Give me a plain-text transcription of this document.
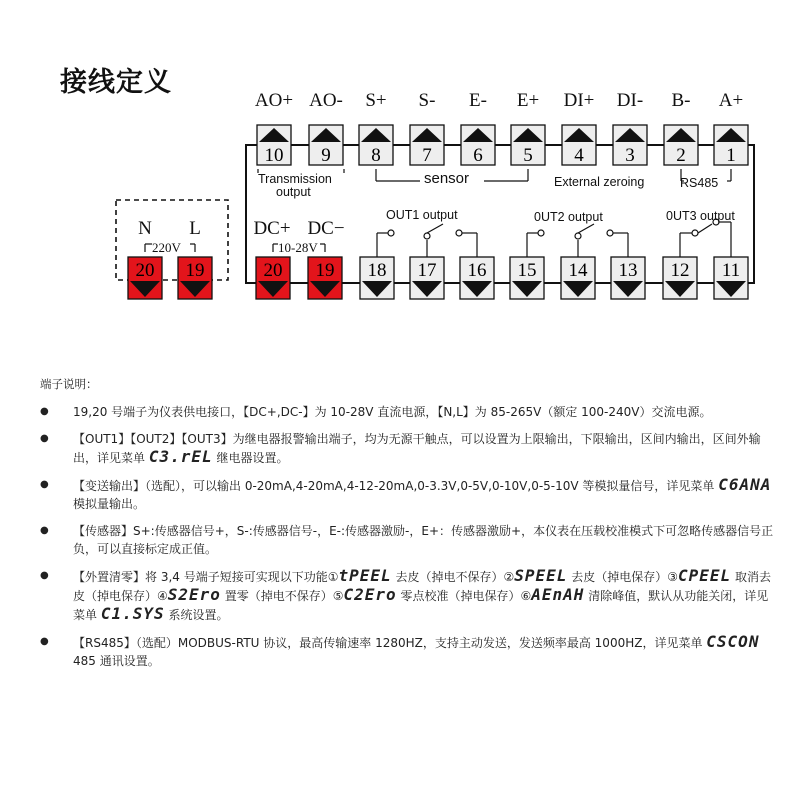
接线定义
10 9 8 7 6 5 4 3 2 1
20 19	20 19 18 17 16 15 14 13 12 11
AO+ AO- S+ S- E- E+ DI+ DI- B- A+
Transmission
output
sensor	External zeroing	RS485
N L
220V
DC+ DC−
10-28V
OUT1 output	0UT2 output	0UT3 output
端子说明：
● 19,20 号端子为仪表供电接口，【DC+,DC-】为 10-28V 直流电源，【N,L】为 85-265V（额定 100-240V）交流电源。
● 【OUT1】【OUT2】【OUT3】为继电器报警输出端子，均为无源干触点，可以设置为上限输出，下限输出，区间内输出，区间外输出，详见菜单 C3.rEL 继电器设置。
● 【变送输出】（选配），可以输出 0-20mA,4-20mA,4-12-20mA,0-3.3V,0-5V,0-10V,0-5-10V 等模拟量信号，详见菜单 C6ANA 模拟量输出。
● 【传感器】S+:传感器信号+，S-:传感器信号-，E-:传感器激励-，E+：传感器激励+，本仪表在压载校准模式下可忽略传感器信号正负，可以直接标定成正值。
● 【外置清零】将 3,4 号端子短接可实现以下功能①tPEEL 去皮（掉电不保存）②SPEEL 去皮（掉电保存）③CPEEL 取消去皮（掉电保存）④S2Ero 置零（掉电不保存）⑤C2Ero 零点校准（掉电保存）⑥AEnAH 清除峰值，默认从功能关闭，详见菜单 C1.SYS 系统设置。
● 【RS485】（选配）MODBUS-RTU 协议，最高传输速率 1280HZ，支持主动发送，发送频率最高 1000HZ，详见菜单 CSCON 485 通讯设置。
